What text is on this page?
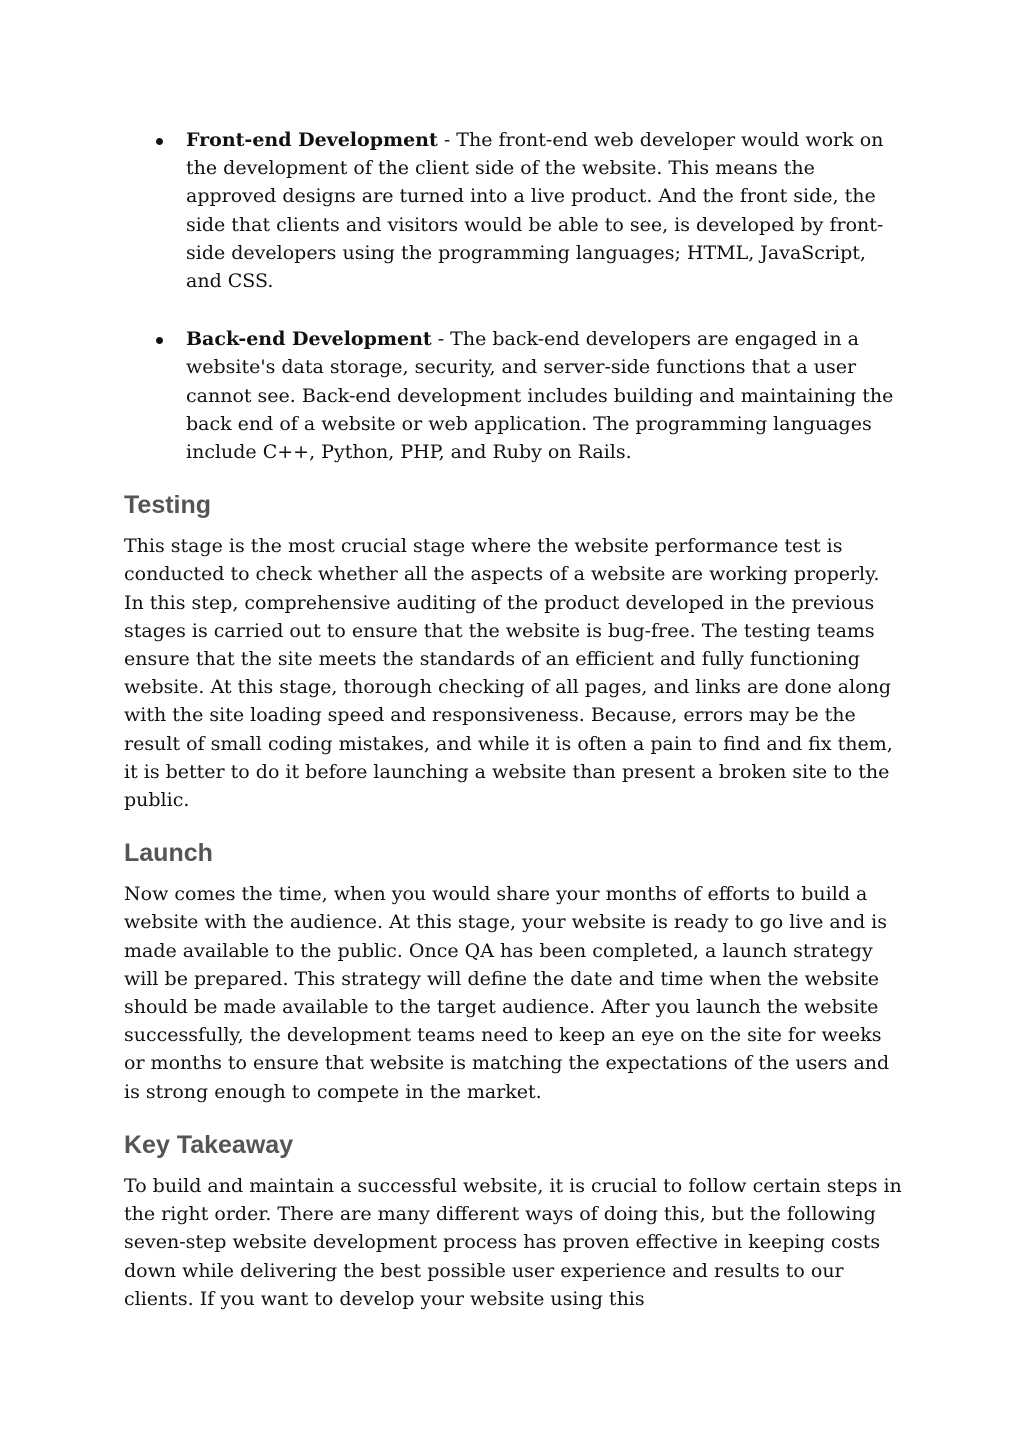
Front-end Development - The front-end web developer would work on the development of the client side of the website. This means the approved designs are turned into a live product. And the front side, the side that clients and visitors would be able to see, is developed by front-side developers using the programming languages; HTML, JavaScript, and CSS.
Back-end Development - The back-end developers are engaged in a website's data storage, security, and server-side functions that a user cannot see. Back-end development includes building and maintaining the back end of a website or web application. The programming languages include C++, Python, PHP, and Ruby on Rails.
Testing

This stage is the most crucial stage where the website performance test is conducted to check whether all the aspects of a website are working properly. In this step, comprehensive auditing of the product developed in the previous stages is carried out to ensure that the website is bug-free. The testing teams ensure that the site meets the standards of an efficient and fully functioning website. At this stage, thorough checking of all pages, and links are done along with the site loading speed and responsiveness. Because, errors may be the result of small coding mistakes, and while it is often a pain to find and fix them, it is better to do it before launching a website than present a broken site to the public.

Launch

Now comes the time, when you would share your months of efforts to build a website with the audience. At this stage, your website is ready to go live and is made available to the public. Once QA has been completed, a launch strategy will be prepared. This strategy will define the date and time when the website should be made available to the target audience. After you launch the website successfully, the development teams need to keep an eye on the site for weeks or months to ensure that website is matching the expectations of the users and is strong enough to compete in the market.

Key Takeaway

To build and maintain a successful website, it is crucial to follow certain steps in the right order. There are many different ways of doing this, but the following seven-step website development process has proven effective in keeping costs down while delivering the best possible user experience and results to our clients. If you want to develop your website using this
